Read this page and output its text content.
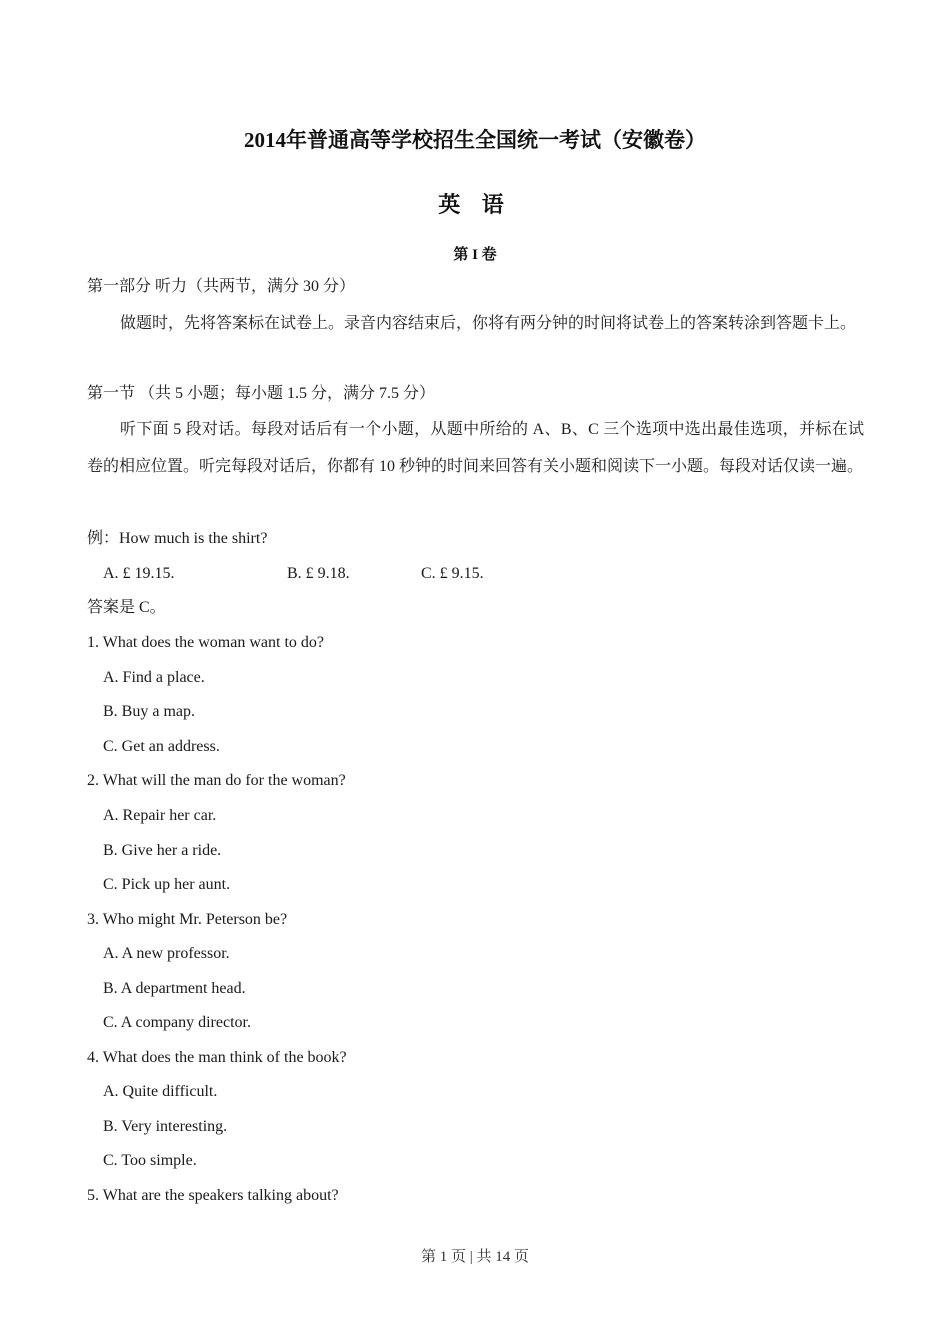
2014年普通高等学校招生全国统一考试（安徽卷）
英 语
第 I 卷
第一部分 听力（共两节，满分 30 分）
做题时，先将答案标在试卷上。录音内容结束后，你将有两分钟的时间将试卷上的答案转涂到答题卡上。
第一节 （共 5 小题；每小题 1.5 分，满分 7.5 分）
听下面 5 段对话。每段对话后有一个小题，从题中所给的 A、B、C 三个选项中选出最佳选项，并标在试卷的相应位置。听完每段对话后，你都有 10 秒钟的时间来回答有关小题和阅读下一小题。每段对话仅读一遍。
例：How much is the shirt?
A. £ 19.15.	B. £ 9.18.	C. £ 9.15.
答案是 C。
1. What does the woman want to do?
A. Find a place.
B. Buy a map.
C. Get an address.
2. What will the man do for the woman?
A. Repair her car.
B. Give her a ride.
C. Pick up her aunt.
3. Who might Mr. Peterson be?
A. A new professor.
B. A department head.
C. A company director.
4. What does the man think of the book?
A. Quite difficult.
B. Very interesting.
C. Too simple.
5. What are the speakers talking about?
第 1 页 | 共 14 页
